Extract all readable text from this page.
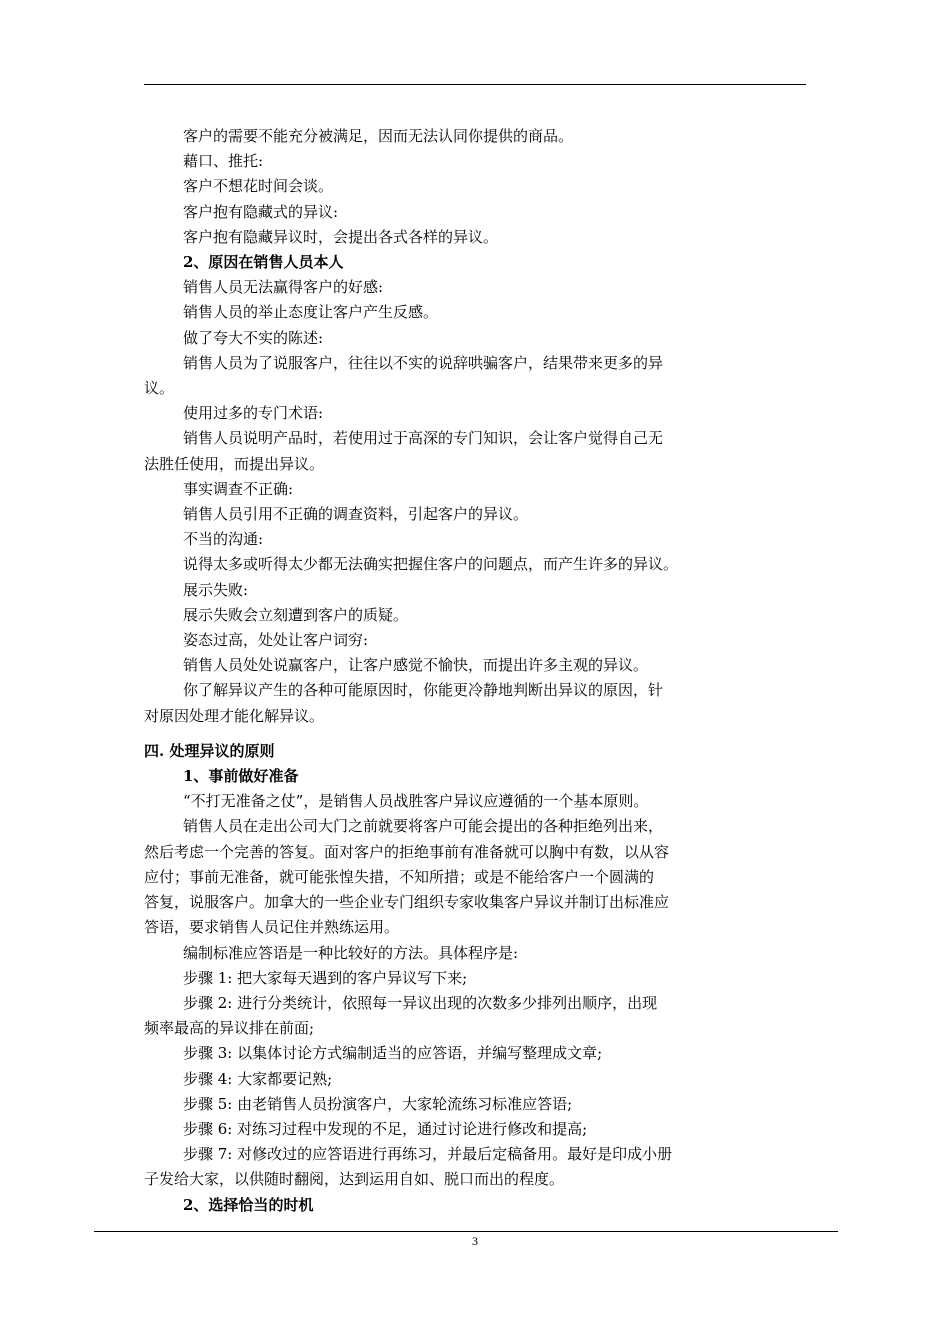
客户的需要不能充分被满足，因而无法认同你提供的商品。

藉口、推托:

客户不想花时间会谈。

客户抱有隐藏式的异议:

客户抱有隐藏异议时，会提出各式各样的异议。

2、原因在销售人员本人

销售人员无法赢得客户的好感:

销售人员的举止态度让客户产生反感。

做了夸大不实的陈述:

销售人员为了说服客户，往往以不实的说辞哄骗客户，结果带来更多的异

议。

使用过多的专门术语:

销售人员说明产品时，若使用过于高深的专门知识，会让客户觉得自己无

法胜任使用，而提出异议。

事实调查不正确:

销售人员引用不正确的调查资料，引起客户的异议。

不当的沟通:

说得太多或听得太少都无法确实把握住客户的问题点，而产生许多的异议。

展示失败:

展示失败会立刻遭到客户的质疑。

姿态过高，处处让客户词穷:

销售人员处处说赢客户，让客户感觉不愉快，而提出许多主观的异议。

你了解异议产生的各种可能原因时，你能更冷静地判断出异议的原因，针

对原因处理才能化解异议。

四. 处理异议的原则

1、事前做好准备

“不打无准备之仗”，是销售人员战胜客户异议应遵循的一个基本原则。

销售人员在走出公司大门之前就要将客户可能会提出的各种拒绝列出来，

然后考虑一个完善的答复。面对客户的拒绝事前有准备就可以胸中有数，以从容

应付；事前无准备，就可能张惶失措，不知所措；或是不能给客户一个圆满的

答复，说服客户。加拿大的一些企业专门组织专家收集客户异议并制订出标准应

答语，要求销售人员记住并熟练运用。

编制标准应答语是一种比较好的方法。具体程序是:

步骤 1: 把大家每天遇到的客户异议写下来;

步骤 2: 进行分类统计，依照每一异议出现的次数多少排列出顺序，出现

频率最高的异议排在前面;

步骤 3: 以集体讨论方式编制适当的应答语，并编写整理成文章;

步骤 4: 大家都要记熟;

步骤 5: 由老销售人员扮演客户，大家轮流练习标准应答语;

步骤 6: 对练习过程中发现的不足，通过讨论进行修改和提高;

步骤 7: 对修改过的应答语进行再练习，并最后定稿备用。最好是印成小册

子发给大家，以供随时翻阅，达到运用自如、脱口而出的程度。

2、选择恰当的时机

3
